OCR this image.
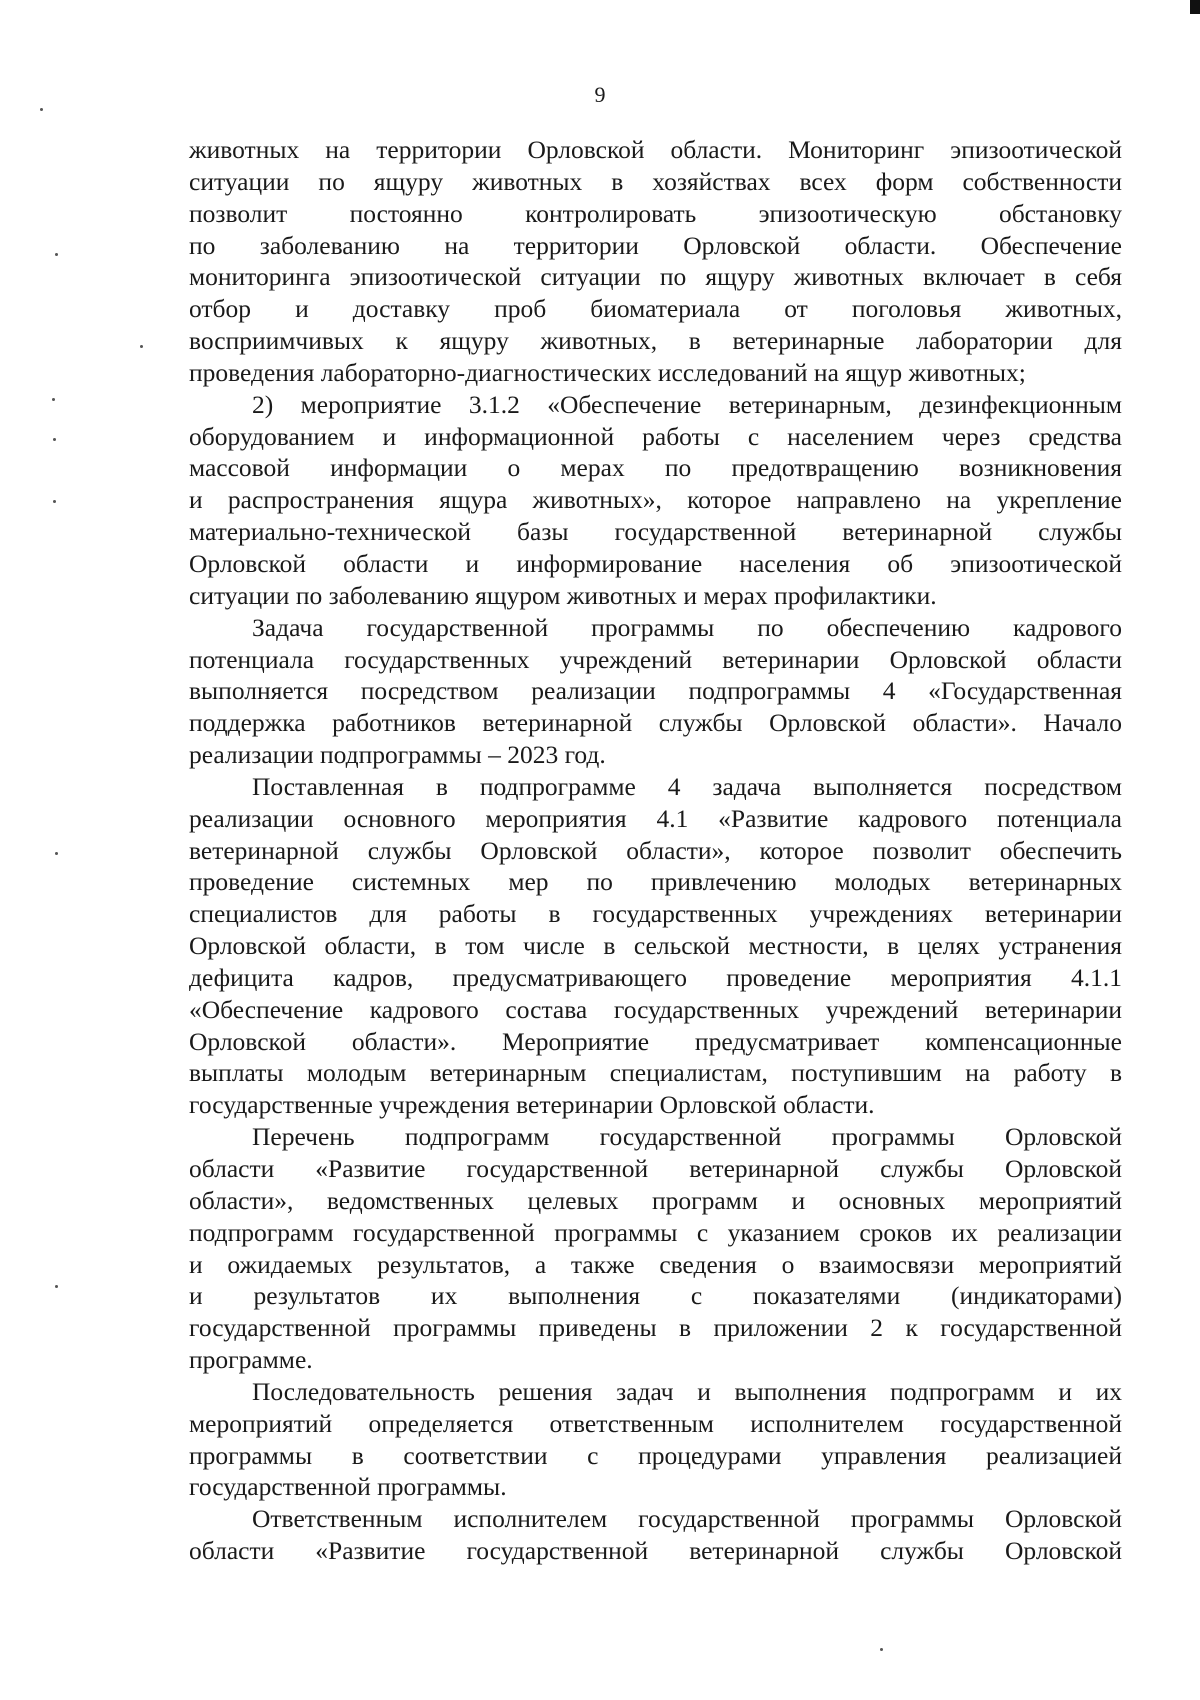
9
животных на территории Орловской области. Мониторинг эпизоотической
ситуации по ящуру животных в хозяйствах всех форм собственности
позволит постоянно контролировать эпизоотическую обстановку
по заболеванию на территории Орловской области. Обеспечение
мониторинга эпизоотической ситуации по ящуру животных включает в себя
отбор и доставку проб биоматериала от поголовья животных,
восприимчивых к ящуру животных, в ветеринарные лаборатории для
проведения лабораторно-диагностических исследований на ящур животных;
2) мероприятие 3.1.2 «Обеспечение ветеринарным, дезинфекционным
оборудованием и информационной работы с населением через средства
массовой информации о мерах по предотвращению возникновения
и распространения ящура животных», которое направлено на укрепление
материально-технической базы государственной ветеринарной службы
Орловской области и информирование населения об эпизоотической
ситуации по заболеванию ящуром животных и мерах профилактики.
Задача государственной программы по обеспечению кадрового
потенциала государственных учреждений ветеринарии Орловской области
выполняется посредством реализации подпрограммы 4 «Государственная
поддержка работников ветеринарной службы Орловской области». Начало
реализации подпрограммы – 2023 год.
Поставленная в подпрограмме 4 задача выполняется посредством
реализации основного мероприятия 4.1 «Развитие кадрового потенциала
ветеринарной службы Орловской области», которое позволит обеспечить
проведение системных мер по привлечению молодых ветеринарных
специалистов для работы в государственных учреждениях ветеринарии
Орловской области, в том числе в сельской местности, в целях устранения
дефицита кадров, предусматривающего проведение мероприятия 4.1.1
«Обеспечение кадрового состава государственных учреждений ветеринарии
Орловской области». Мероприятие предусматривает компенсационные
выплаты молодым ветеринарным специалистам, поступившим на работу в
государственные учреждения ветеринарии Орловской области.
Перечень подпрограмм государственной программы Орловской
области «Развитие государственной ветеринарной службы Орловской
области», ведомственных целевых программ и основных мероприятий
подпрограмм государственной программы с указанием сроков их реализации
и ожидаемых результатов, а также сведения о взаимосвязи мероприятий
и результатов их выполнения с показателями (индикаторами)
государственной программы приведены в приложении 2 к государственной
программе.
Последовательность решения задач и выполнения подпрограмм и их
мероприятий определяется ответственным исполнителем государственной
программы в соответствии с процедурами управления реализацией
государственной программы.
Ответственным исполнителем государственной программы Орловской
области «Развитие государственной ветеринарной службы Орловской
